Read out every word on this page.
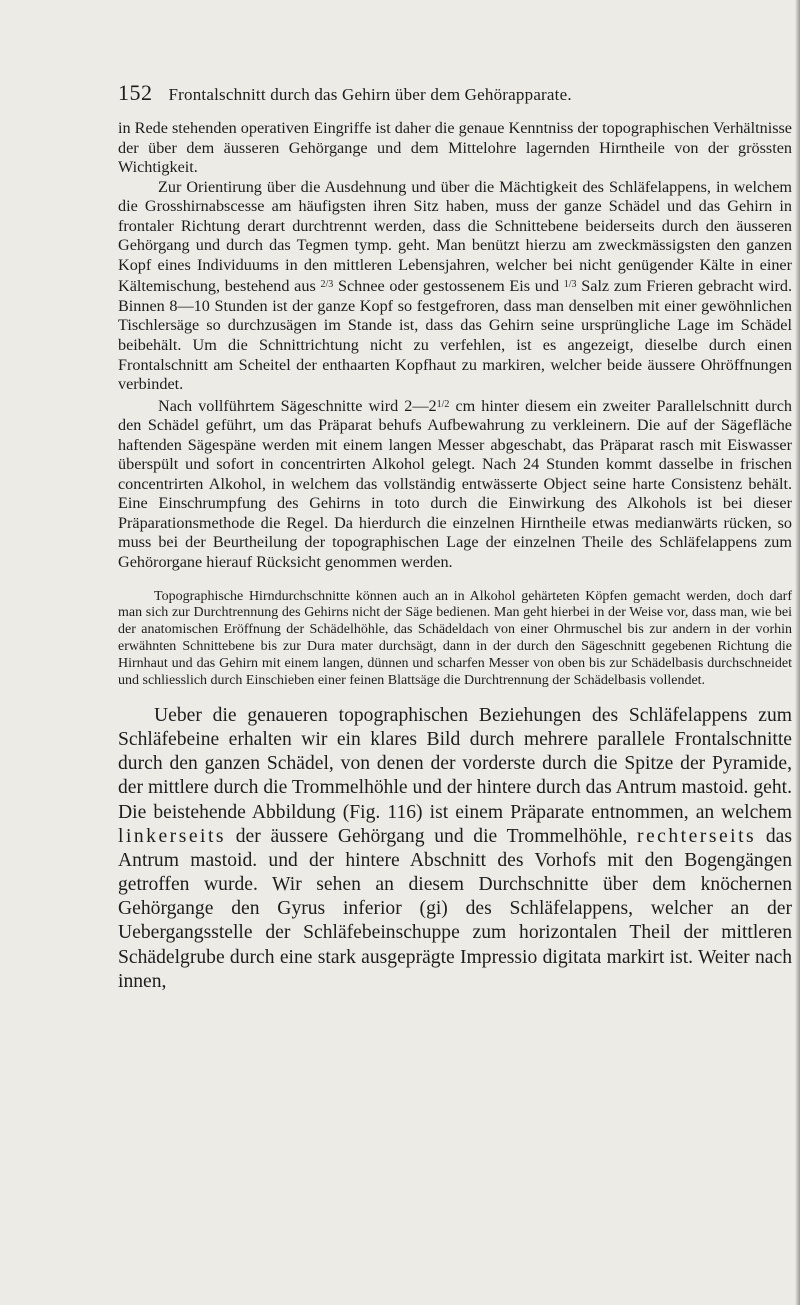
152 Frontalschnitt durch das Gehirn über dem Gehörapparate.

in Rede stehenden operativen Eingriffe ist daher die genaue Kenntniss der topographischen Verhältnisse der über dem äusseren Gehörgange und dem Mittelohre lagernden Hirntheile von der grössten Wichtigkeit.

Zur Orientirung über die Ausdehnung und über die Mächtigkeit des Schläfelappens, in welchem die Grosshirnabscesse am häufigsten ihren Sitz haben, muss der ganze Schädel und das Gehirn in frontaler Richtung derart durchtrennt werden, dass die Schnittebene beiderseits durch den äusseren Gehörgang und durch das Tegmen tymp. geht. Man benützt hierzu am zweckmässigsten den ganzen Kopf eines Individuums in den mittleren Lebensjahren, welcher bei nicht genügender Kälte in einer Kältemischung, bestehend aus $^{2/3}$ Schnee oder gestossenem Eis und $^{1/3}$ Salz zum Frieren gebracht wird. Binnen 8—10 Stunden ist der ganze Kopf so festgefroren, dass man denselben mit einer gewöhnlichen Tischlersäge so durchzusägen im Stande ist, dass das Gehirn seine ursprüngliche Lage im Schädel beibehält. Um die Schnittrichtung nicht zu verfehlen, ist es angezeigt, dieselbe durch einen Frontalschnitt am Scheitel der enthaarten Kopfhaut zu markiren, welcher beide äussere Ohröffnungen verbindet.

Nach vollführtem Sägeschnitte wird $2—2^{1/2}$ cm hinter diesem ein zweiter Parallelschnitt durch den Schädel geführt, um das Präparat behufs Aufbewahrung zu verkleinern. Die auf der Sägefläche haftenden Sägespäne werden mit einem langen Messer abgeschabt, das Präparat rasch mit Eiswasser überspült und sofort in concentrirten Alkohol gelegt. Nach 24 Stunden kommt dasselbe in frischen concentrirten Alkohol, in welchem das vollständig entwässerte Object seine harte Consistenz behält. Eine Einschrumpfung des Gehirns in toto durch die Einwirkung des Alkohols ist bei dieser Präparationsmethode die Regel. Da hierdurch die einzelnen Hirntheile etwas medianwärts rücken, so muss bei der Beurtheilung der topographischen Lage der einzelnen Theile des Schläfelappens zum Gehörorgane hierauf Rücksicht genommen werden.

Topographische Hirndurchschnitte können auch an in Alkohol gehärteten Köpfen gemacht werden, doch darf man sich zur Durchtrennung des Gehirns nicht der Säge bedienen. Man geht hierbei in der Weise vor, dass man, wie bei der anatomischen Eröffnung der Schädelhöhle, das Schädeldach von einer Ohrmuschel bis zur andern in der vorhin erwähnten Schnittebene bis zur Dura mater durchsägt, dann in der durch den Sägeschnitt gegebenen Richtung die Hirnhaut und das Gehirn mit einem langen, dünnen und scharfen Messer von oben bis zur Schädelbasis durchschneidet und schliesslich durch Einschieben einer feinen Blattsäge die Durchtrennung der Schädelbasis vollendet.

Ueber die genaueren topographischen Beziehungen des Schläfelappens zum Schläfebeine erhalten wir ein klares Bild durch mehrere parallele Frontalschnitte durch den ganzen Schädel, von denen der vorderste durch die Spitze der Pyramide, der mittlere durch die Trommelhöhle und der hintere durch das Antrum mastoid. geht. Die beistehende Abbildung (Fig. 116) ist einem Präparate entnommen, an welchem linkerseits der äussere Gehörgang und die Trommelhöhle, rechterseits das Antrum mastoid. und der hintere Abschnitt des Vorhofs mit den Bogengängen getroffen wurde. Wir sehen an diesem Durchschnitte über dem knöchernen Gehörgange den Gyrus inferior (gi) des Schläfelappens, welcher an der Uebergangsstelle der Schläfebeinschuppe zum horizontalen Theil der mittleren Schädelgrube durch eine stark ausgeprägte Impressio digitata markirt ist. Weiter nach innen,
